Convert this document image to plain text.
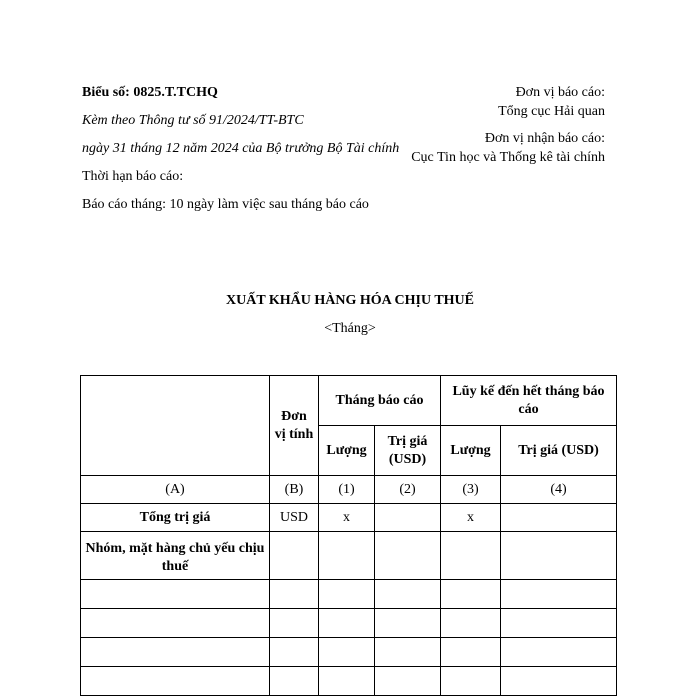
Biểu số: 0825.T.TCHQ
Kèm theo Thông tư số 91/2024/TT-BTC
ngày 31 tháng 12 năm 2024 của Bộ trưởng Bộ Tài chính
Thời hạn báo cáo:
Báo cáo tháng: 10 ngày làm việc sau tháng báo cáo
Đơn vị báo cáo:
Tổng cục Hải quan
Đơn vị nhận báo cáo:
Cục Tin học và Thống kê tài chính
XUẤT KHẨU HÀNG HÓA CHỊU THUẾ
<Tháng>
	Đơn vị tính	Tháng báo cáo		Lũy kế đến hết tháng báo cáo	
		Lượng	Trị giá (USD)	Lượng	Trị giá (USD)
(A)	(B)	(1)	(2)	(3)	(4)
Tổng trị giá	USD	x		x	
Nhóm, mặt hàng chủ yếu chịu thuế					
